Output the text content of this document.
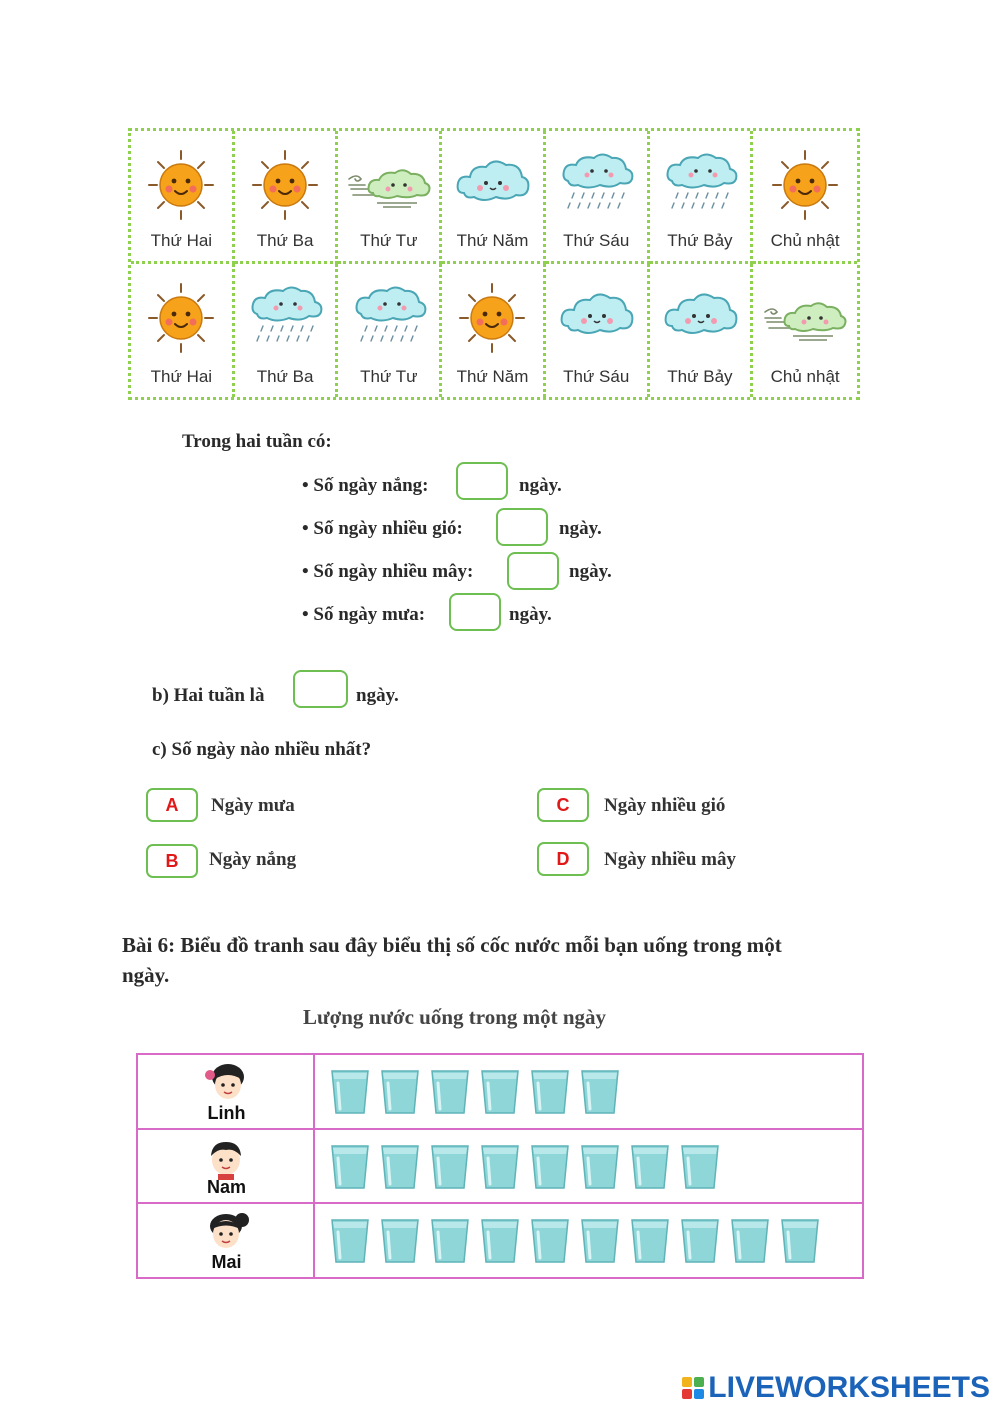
Thứ Hai	Thứ Ba	Thứ Tư Thứ Năm Thứ Sáu Thứ Bảy Chủ nhật
Thứ Hai	Thứ Ba	Thứ Tư Thứ Năm Thứ Sáu Thứ Bảy Chủ nhật
Trong hai tuần có:
• Số ngày nắng:	ngày.
• Số ngày nhiều gió:	ngày.
• Số ngày nhiều mây:	ngày.
• Số ngày mưa:	ngày.
b) Hai tuần là	ngày.
c) Số ngày nào nhiều nhất?
A	Ngày mưa
B	Ngày nắng
C	Ngày nhiều gió
D	Ngày nhiều mây
Bài 6: Biểu đồ tranh sau đây biểu thị số cốc nước mỗi bạn uống trong một
ngày.
Lượng nước uống trong một ngày
Linh
Nam
Mai
LIVEWORKSHEETS
